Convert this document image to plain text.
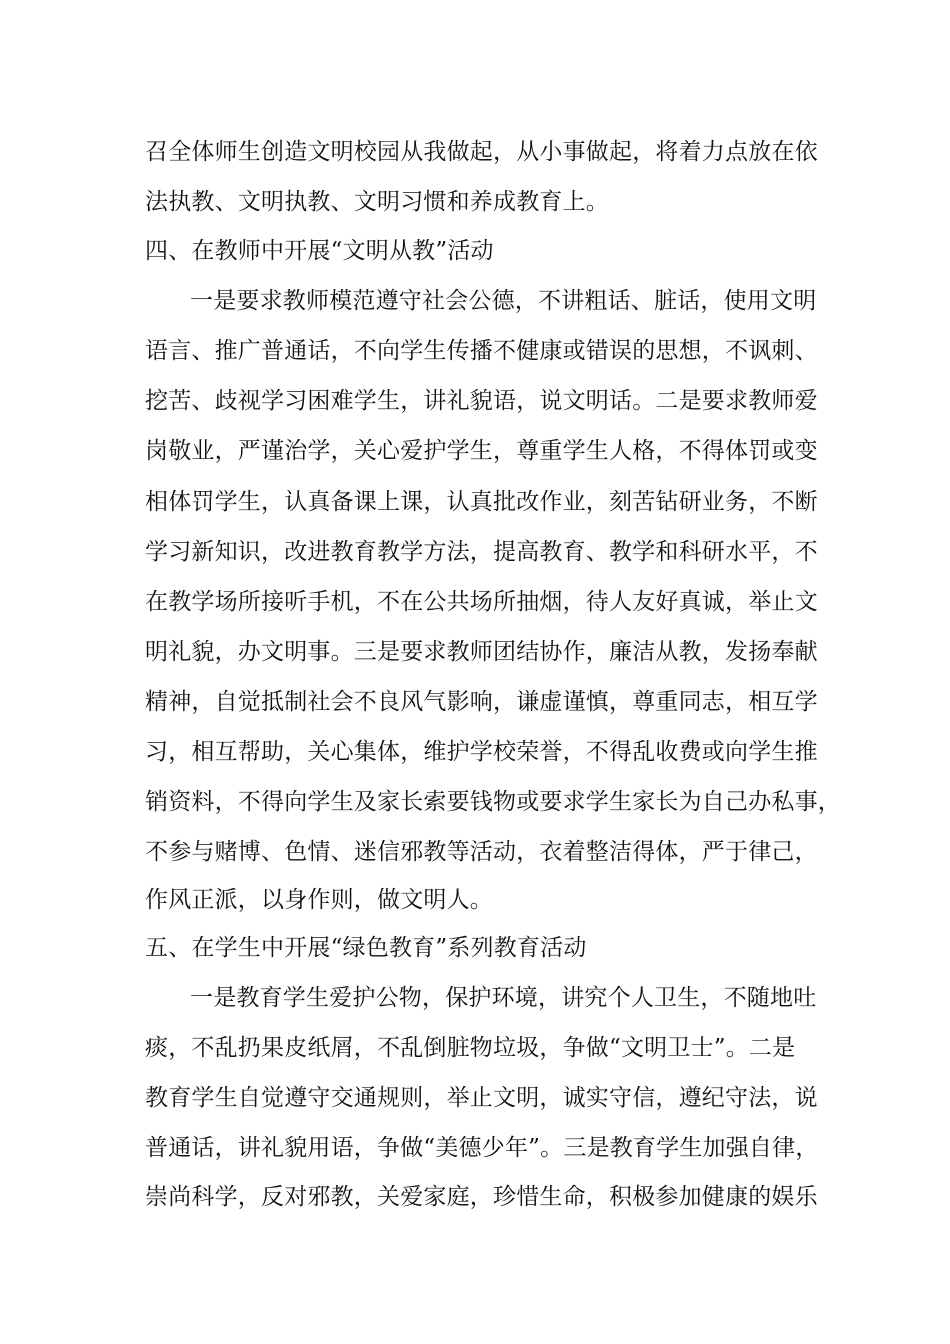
召全体师生创造文明校园从我做起，从小事做起，将着力点放在依
法执教、文明执教、文明习惯和养成教育上。
四、在教师中开展“文明从教”活动
一是要求教师模范遵守社会公德，不讲粗话、脏话，使用文明
语言、推广普通话，不向学生传播不健康或错误的思想，不讽刺、
挖苦、歧视学习困难学生，讲礼貌语，说文明话。二是要求教师爱
岗敬业，严谨治学，关心爱护学生，尊重学生人格，不得体罚或变
相体罚学生，认真备课上课，认真批改作业，刻苦钻研业务，不断
学习新知识，改进教育教学方法，提高教育、教学和科研水平，不
在教学场所接听手机，不在公共场所抽烟，待人友好真诚，举止文
明礼貌，办文明事。三是要求教师团结协作，廉洁从教，发扬奉献
精神，自觉抵制社会不良风气影响，谦虚谨慎，尊重同志，相互学
习，相互帮助，关心集体，维护学校荣誉，不得乱收费或向学生推
销资料，不得向学生及家长索要钱物或要求学生家长为自己办私事，
不参与赌博、色情、迷信邪教等活动，衣着整洁得体，严于律己，
作风正派，以身作则，做文明人。
五、在学生中开展“绿色教育”系列教育活动
一是教育学生爱护公物，保护环境，讲究个人卫生，不随地吐
痰，不乱扔果皮纸屑，不乱倒脏物垃圾，争做“文明卫士”。二是
教育学生自觉遵守交通规则，举止文明，诚实守信，遵纪守法，说
普通话，讲礼貌用语，争做“美德少年”。三是教育学生加强自律，
崇尚科学，反对邪教，关爱家庭，珍惜生命，积极参加健康的娱乐
